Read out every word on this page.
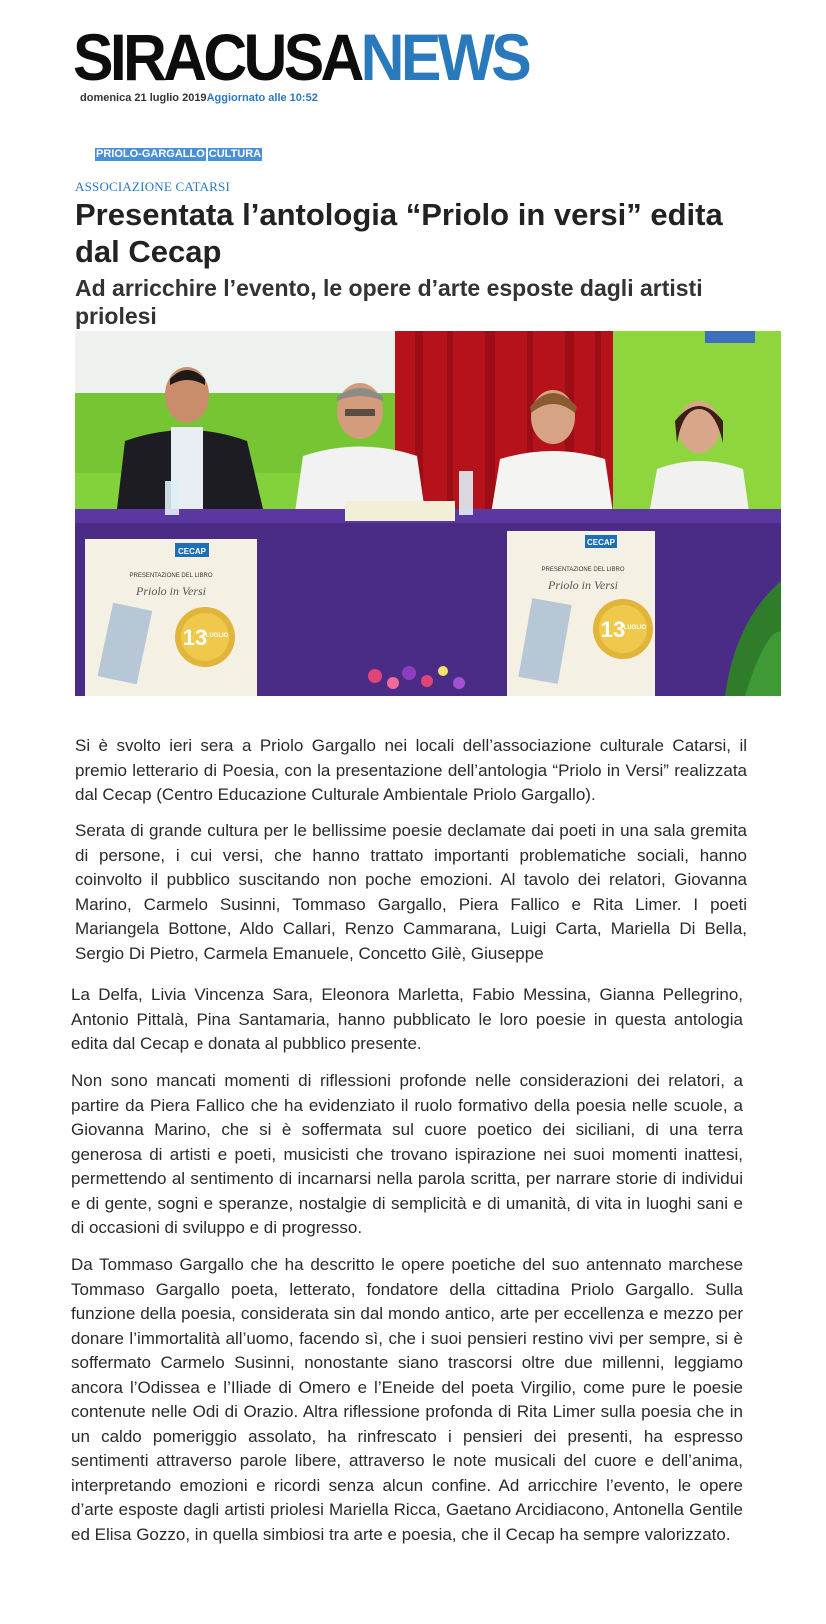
SIRACUSANEWS
domenica 21 luglio 2019Aggiornato alle 10:52
PRIOLO-GARGALLO CULTURA
ASSOCIAZIONE CATARSI
Presentata l’antologia “Priolo in versi” edita dal Cecap
Ad arricchire l’evento, le opere d’arte esposte dagli artisti priolesi
CECAP
PRESENTAZIONE DEL LIBRO
Priolo in Versi
13
LUGLIO
CECAP
PRESENTAZIONE DEL LIBRO
Priolo in Versi
13
LUGLIO

Si è svolto ieri sera a Priolo Gargallo nei locali dell’associazione culturale Catarsi, il premio letterario di Poesia, con la presentazione dell’antologia “Priolo in Versi” realizzata dal Cecap (Centro Educazione Culturale Ambientale Priolo Gargallo).

Serata di grande cultura per le bellissime poesie declamate dai poeti in una sala gremita di persone, i cui versi, che hanno trattato importanti problematiche sociali, hanno coinvolto il pubblico suscitando non poche emozioni. Al tavolo dei relatori, Giovanna Marino, Carmelo Susinni, Tommaso Gargallo, Piera Fallico e Rita Limer. I poeti Mariangela Bottone, Aldo Callari, Renzo Cammarana, Luigi Carta, Mariella Di Bella, Sergio Di Pietro, Carmela Emanuele, Concetto Gilè, Giuseppe

La Delfa, Livia Vincenza Sara, Eleonora Marletta, Fabio Messina, Gianna Pellegrino, Antonio Pittalà, Pina Santamaria, hanno pubblicato le loro poesie in questa antologia edita dal Cecap e donata al pubblico presente.

Non sono mancati momenti di riflessioni profonde nelle considerazioni dei relatori, a partire da Piera Fallico che ha evidenziato il ruolo formativo della poesia nelle scuole, a Giovanna Marino, che si è soffermata sul cuore poetico dei siciliani, di una terra generosa di artisti e poeti, musicisti che trovano ispirazione nei suoi momenti inattesi, permettendo al sentimento di incarnarsi nella parola scritta, per narrare storie di individui e di gente, sogni e speranze, nostalgie di semplicità e di umanità, di vita in luoghi sani e di occasioni di sviluppo e di progresso.

Da Tommaso Gargallo che ha descritto le opere poetiche del suo antennato marchese Tommaso Gargallo poeta, letterato, fondatore della cittadina Priolo Gargallo. Sulla funzione della poesia, considerata sin dal mondo antico, arte per eccellenza e mezzo per donare l’immortalità all’uomo, facendo sì, che i suoi pensieri restino vivi per sempre, si è soffermato Carmelo Susinni, nonostante siano trascorsi oltre due millenni, leggiamo ancora l’Odissea e l’Iliade di Omero e l’Eneide del poeta Virgilio, come pure le poesie contenute nelle Odi di Orazio. Altra riflessione profonda di Rita Limer sulla poesia che in un caldo pomeriggio assolato, ha rinfrescato i pensieri dei presenti, ha espresso sentimenti attraverso parole libere, attraverso le note musicali del cuore e dell’anima, interpretando emozioni e ricordi senza alcun confine. Ad arricchire l’evento, le opere d’arte esposte dagli artisti priolesi Mariella Ricca, Gaetano Arcidiacono, Antonella Gentile ed Elisa Gozzo, in quella simbiosi tra arte e poesia, che il Cecap ha sempre valorizzato.
